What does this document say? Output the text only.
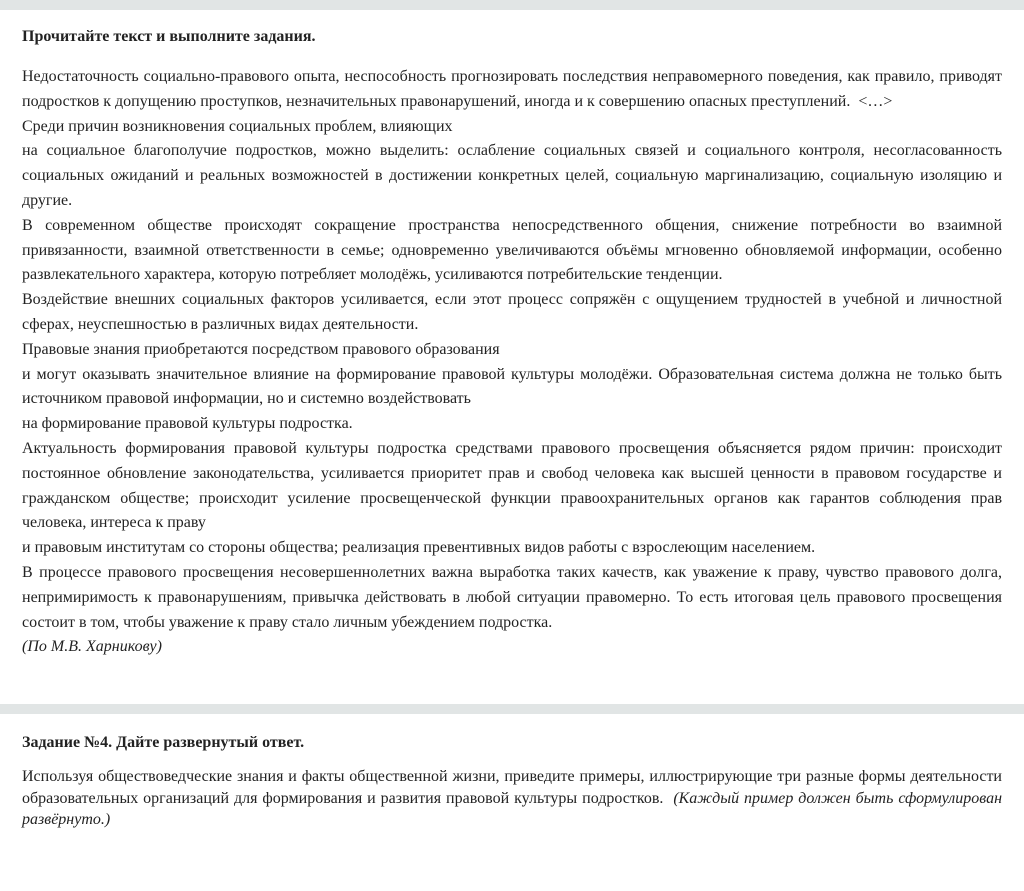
Прочитайте текст и выполните задания.

Недостаточность социально-правового опыта, неспособность прогнозировать последствия неправомерного поведения, как правило, приводят подростков к допущению проступков, незначительных правонарушений, иногда и к совершению опасных преступлений.  <…>

Среди причин возникновения социальных проблем, влияющих

на социальное благополучие подростков, можно выделить: ослабление социальных связей и социального контроля, несогласованность социальных ожиданий и реальных возможностей в достижении конкретных целей, социальную маргинализацию, социальную изоляцию и другие.

В современном обществе происходят сокращение пространства непосредственного общения, снижение потребности во взаимной привязанности, взаимной ответственности в семье; одновременно увеличиваются объёмы мгновенно обновляемой информации, особенно развлекательного характера, которую потребляет молодёжь, усиливаются потребительские тенденции.

Воздействие внешних социальных факторов усиливается, если этот процесс сопряжён с ощущением трудностей в учебной и личностной сферах, неуспешностью в различных видах деятельности.

Правовые знания приобретаются посредством правового образования

и могут оказывать значительное влияние на формирование правовой культуры молодёжи. Образовательная система должна не только быть источником правовой информации, но и системно воздействовать

на формирование правовой культуры подростка.

Актуальность формирования правовой культуры подростка средствами правового просвещения объясняется рядом причин: происходит постоянное обновление законодательства, усиливается приоритет прав и свобод человека как высшей ценности в правовом государстве и гражданском обществе; происходит усиление просвещенческой функции правоохранительных органов как гарантов соблюдения прав человека, интереса к праву

и правовым институтам со стороны общества; реализация превентивных видов работы с взрослеющим населением.

В процессе правового просвещения несовершеннолетних важна выработка таких качеств, как уважение к праву, чувство правового долга, непримиримость к правонарушениям, привычка действовать в любой ситуации правомерно. То есть итоговая цель правового просвещения состоит в том, чтобы уважение к праву стало личным убеждением подростка.

(По М.В. Харникову)

Задание №4. Дайте развернутый ответ.

Используя обществоведческие знания и факты общественной жизни, приведите примеры, иллюстрирующие три разные формы деятельности образовательных организаций для формирования и развития правовой культуры подростков. (Каждый пример должен быть сформулирован развёрнуто.)
